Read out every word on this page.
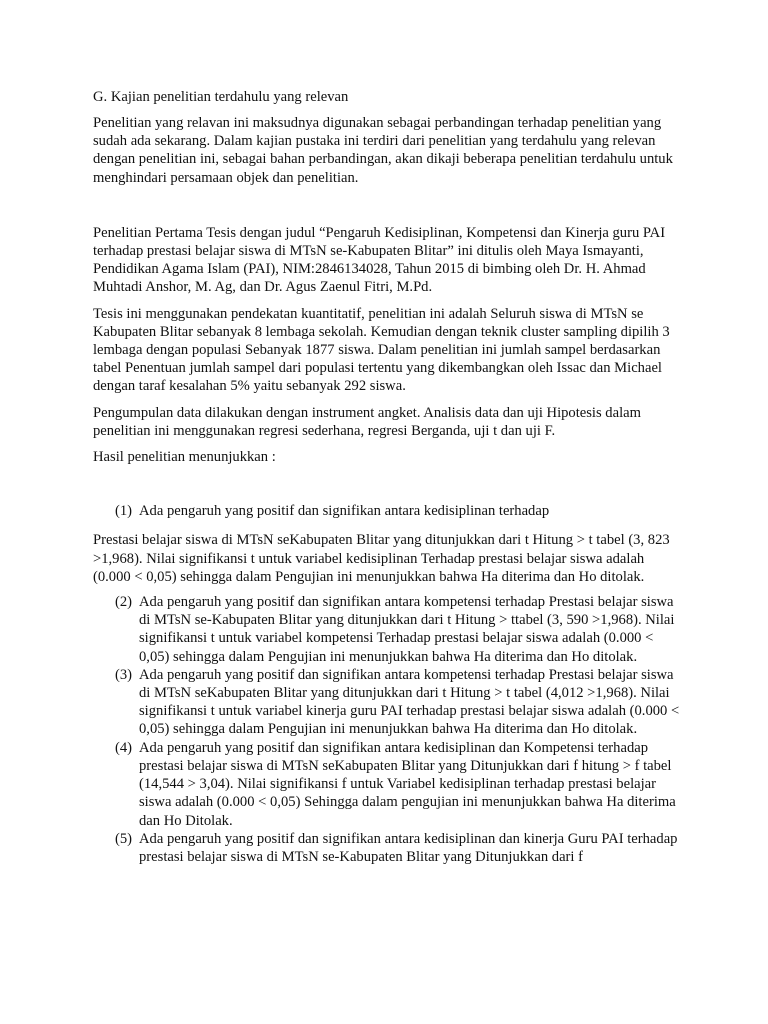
G. Kajian penelitian terdahulu yang relevan

Penelitian yang relavan ini maksudnya digunakan sebagai perbandingan terhadap penelitian yang sudah ada sekarang. Dalam kajian pustaka ini terdiri dari penelitian yang terdahulu yang relevan dengan penelitian ini, sebagai bahan perbandingan, akan dikaji beberapa penelitian terdahulu untuk menghindari persamaan objek dan penelitian.

Penelitian Pertama Tesis dengan judul “Pengaruh Kedisiplinan, Kompetensi dan Kinerja guru PAI terhadap prestasi belajar siswa di MTsN se-Kabupaten Blitar” ini ditulis oleh Maya Ismayanti, Pendidikan Agama Islam (PAI), NIM:2846134028, Tahun 2015 di bimbing oleh Dr. H. Ahmad Muhtadi Anshor, M. Ag, dan Dr. Agus Zaenul Fitri, M.Pd.

Tesis ini menggunakan pendekatan kuantitatif, penelitian ini adalah Seluruh siswa di MTsN se Kabupaten Blitar sebanyak 8 lembaga sekolah. Kemudian dengan teknik cluster sampling dipilih 3 lembaga dengan populasi Sebanyak 1877 siswa. Dalam penelitian ini jumlah sampel berdasarkan tabel Penentuan jumlah sampel dari populasi tertentu yang dikembangkan oleh Issac dan Michael dengan taraf kesalahan 5% yaitu sebanyak 292 siswa.

Pengumpulan data dilakukan dengan instrument angket. Analisis data dan uji Hipotesis dalam penelitian ini menggunakan regresi sederhana, regresi Berganda, uji t dan uji F.

Hasil penelitian menunjukkan :

(1) Ada pengaruh yang positif dan signifikan antara kedisiplinan terhadap

Prestasi belajar siswa di MTsN seKabupaten Blitar yang ditunjukkan dari t Hitung > t tabel (3, 823 >1,968). Nilai signifikansi t untuk variabel kedisiplinan Terhadap prestasi belajar siswa adalah (0.000 < 0,05) sehingga dalam Pengujian ini menunjukkan bahwa Ha diterima dan Ho ditolak.

(2) Ada pengaruh yang positif dan signifikan antara kompetensi terhadap Prestasi belajar siswa di MTsN se-Kabupaten Blitar yang ditunjukkan dari t Hitung > ttabel (3, 590 >1,968). Nilai signifikansi t untuk variabel kompetensi Terhadap prestasi belajar siswa adalah (0.000 < 0,05) sehingga dalam Pengujian ini menunjukkan bahwa Ha diterima dan Ho ditolak.
(3) Ada pengaruh yang positif dan signifikan antara kompetensi terhadap Prestasi belajar siswa di MTsN seKabupaten Blitar yang ditunjukkan dari t Hitung > t tabel (4,012 >1,968). Nilai signifikansi t untuk variabel kinerja guru PAI terhadap prestasi belajar siswa adalah (0.000 < 0,05) sehingga dalam Pengujian ini menunjukkan bahwa Ha diterima dan Ho ditolak.
(4) Ada pengaruh yang positif dan signifikan antara kedisiplinan dan Kompetensi terhadap prestasi belajar siswa di MTsN seKabupaten Blitar yang Ditunjukkan dari f hitung > f tabel (14,544 > 3,04). Nilai signifikansi f untuk Variabel kedisiplinan terhadap prestasi belajar siswa adalah (0.000 < 0,05) Sehingga dalam pengujian ini menunjukkan bahwa Ha diterima dan Ho Ditolak.
(5) Ada pengaruh yang positif dan signifikan antara kedisiplinan dan kinerja Guru PAI terhadap prestasi belajar siswa di MTsN se-Kabupaten Blitar yang Ditunjukkan dari f
